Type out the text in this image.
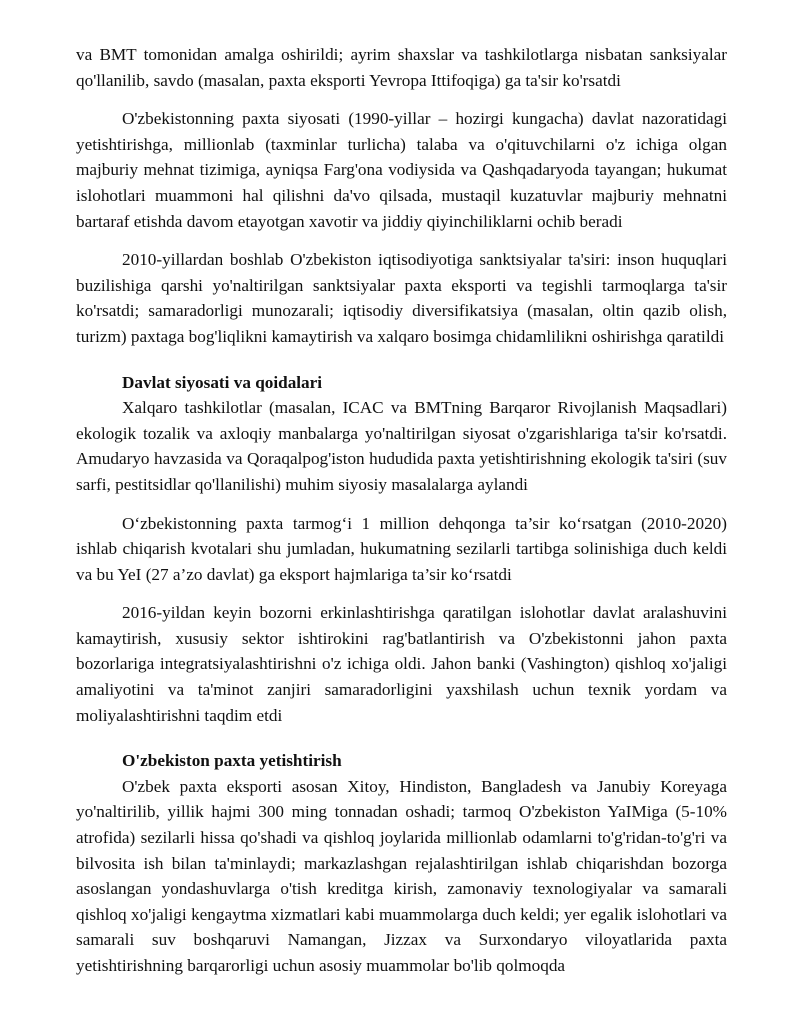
va BMT tomonidan amalga oshirildi; ayrim shaxslar va tashkilotlarga nisbatan sanksiyalar qo'llanilib, savdo (masalan, paxta eksporti Yevropa Ittifoqiga) ga ta'sir ko'rsatdi

O'zbekistonning paxta siyosati (1990-yillar – hozirgi kungacha) davlat nazoratidagi yetishtirishga, millionlab (taxminlar turlicha) talaba va o'qituvchilarni o'z ichiga olgan majburiy mehnat tizimiga, ayniqsa Farg'ona vodiysida va Qashqadaryoda tayangan; hukumat islohotlari muammoni hal qilishni da'vo qilsada, mustaqil kuzatuvlar majburiy mehnatni bartaraf etishda davom etayotgan xavotir va jiddiy qiyinchiliklarni ochib beradi

2010-yillardan boshlab O'zbekiston iqtisodiyotiga sanktsiyalar ta'siri: inson huquqlari buzilishiga qarshi yo'naltirilgan sanktsiyalar paxta eksporti va tegishli tarmoqlarga ta'sir ko'rsatdi; samaradorligi munozarali; iqtisodiy diversifikatsiya (masalan, oltin qazib olish, turizm) paxtaga bog'liqlikni kamaytirish va xalqaro bosimga chidamlilikni oshirishga qaratildi

Davlat siyosati va qoidalari

Xalqaro tashkilotlar (masalan, ICAC va BMTning Barqaror Rivojlanish Maqsadlari) ekologik tozalik va axloqiy manbalarga yo'naltirilgan siyosat o'zgarishlariga ta'sir ko'rsatdi. Amudaryo havzasida va Qoraqalpog'iston hududida paxta yetishtirishning ekologik ta'siri (suv sarfi, pestitsidlar qo'llanilishi) muhim siyosiy masalalarga aylandi

O‘zbekistonning paxta tarmog‘i 1 million dehqonga ta’sir ko‘rsatgan (2010-2020) ishlab chiqarish kvotalari shu jumladan, hukumatning sezilarli tartibga solinishiga duch keldi va bu YeI (27 a’zo davlat) ga eksport hajmlariga ta’sir ko‘rsatdi

2016-yildan keyin bozorni erkinlashtirishga qaratilgan islohotlar davlat aralashuvini kamaytirish, xususiy sektor ishtirokini rag'batlantirish va O'zbekistonni jahon paxta bozorlariga integratsiyalashtirishni o'z ichiga oldi. Jahon banki (Vashington) qishloq xo'jaligi amaliyotini va ta'minot zanjiri samaradorligini yaxshilash uchun texnik yordam va moliyalashtirishni taqdim etdi

O'zbekiston paxta yetishtirish

O'zbek paxta eksporti asosan Xitoy, Hindiston, Bangladesh va Janubiy Koreyaga yo'naltirilib, yillik hajmi 300 ming tonnadan oshadi; tarmoq O'zbekiston YaIMiga (5-10% atrofida) sezilarli hissa qo'shadi va qishloq joylarida millionlab odamlarni to'g'ridan-to'g'ri va bilvosita ish bilan ta'minlaydi; markazlashgan rejalashtirilgan ishlab chiqarishdan bozorga asoslangan yondashuvlarga o'tish kreditga kirish, zamonaviy texnologiyalar va samarali qishloq xo'jaligi kengaytma xizmatlari kabi muammolarga duch keldi; yer egalik islohotlari va samarali suv boshqaruvi Namangan, Jizzax va Surxondaryo viloyatlarida paxta yetishtirishning barqarorligi uchun asosiy muammolar bo'lib qolmoqda
